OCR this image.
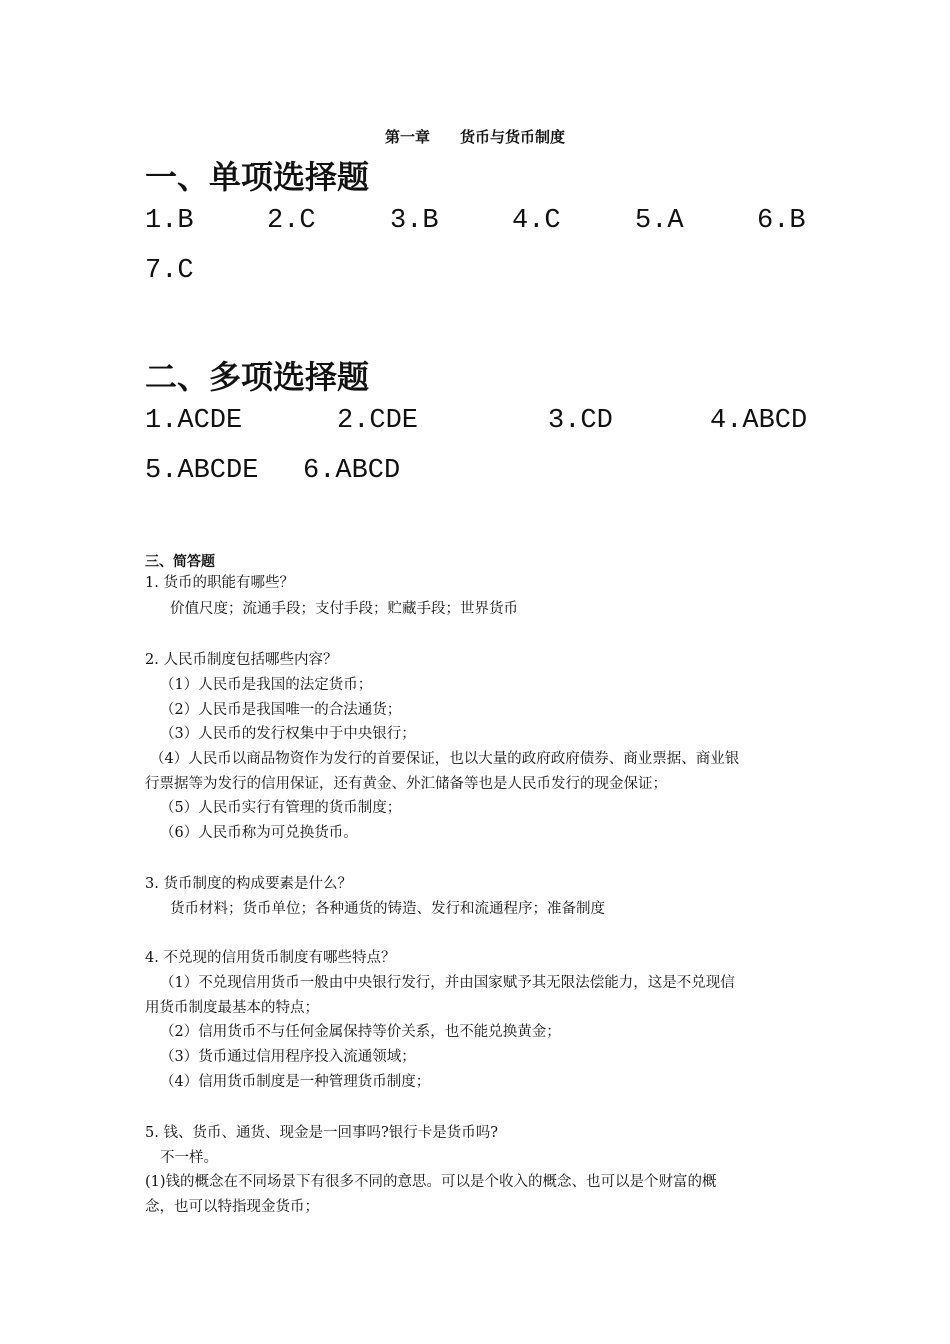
第一章 货币与货币制度
一、单项选择题
1.B	2.C	3.B	4.C	5.A	6.B
7.C
二、多项选择题
1.ACDE	2.CDE	3.CD	4.ABCD
5.ABCDE 6.ABCD
三、简答题
1. 货币的职能有哪些？
价值尺度；流通手段；支付手段；贮藏手段；世界货币
2. 人民币制度包括哪些内容？
（1）人民币是我国的法定货币；
（2）人民币是我国唯一的合法通货；
（3）人民币的发行权集中于中央银行；
（4）人民币以商品物资作为发行的首要保证，也以大量的政府政府债券、商业票据、商业银
行票据等为发行的信用保证，还有黄金、外汇储备等也是人民币发行的现金保证；
（5）人民币实行有管理的货币制度；
（6）人民币称为可兑换货币。
3. 货币制度的构成要素是什么？
货币材料；货币单位；各种通货的铸造、发行和流通程序；准备制度
4. 不兑现的信用货币制度有哪些特点？
（1）不兑现信用货币一般由中央银行发行，并由国家赋予其无限法偿能力，这是不兑现信
用货币制度最基本的特点；
（2）信用货币不与任何金属保持等价关系，也不能兑换黄金；
（3）货币通过信用程序投入流通领域；
（4）信用货币制度是一种管理货币制度；
5. 钱、货币、通货、现金是一回事吗?银行卡是货币吗?
不一样。
(1)钱的概念在不同场景下有很多不同的意思。可以是个收入的概念、也可以是个财富的概
念，也可以特指现金货币；
